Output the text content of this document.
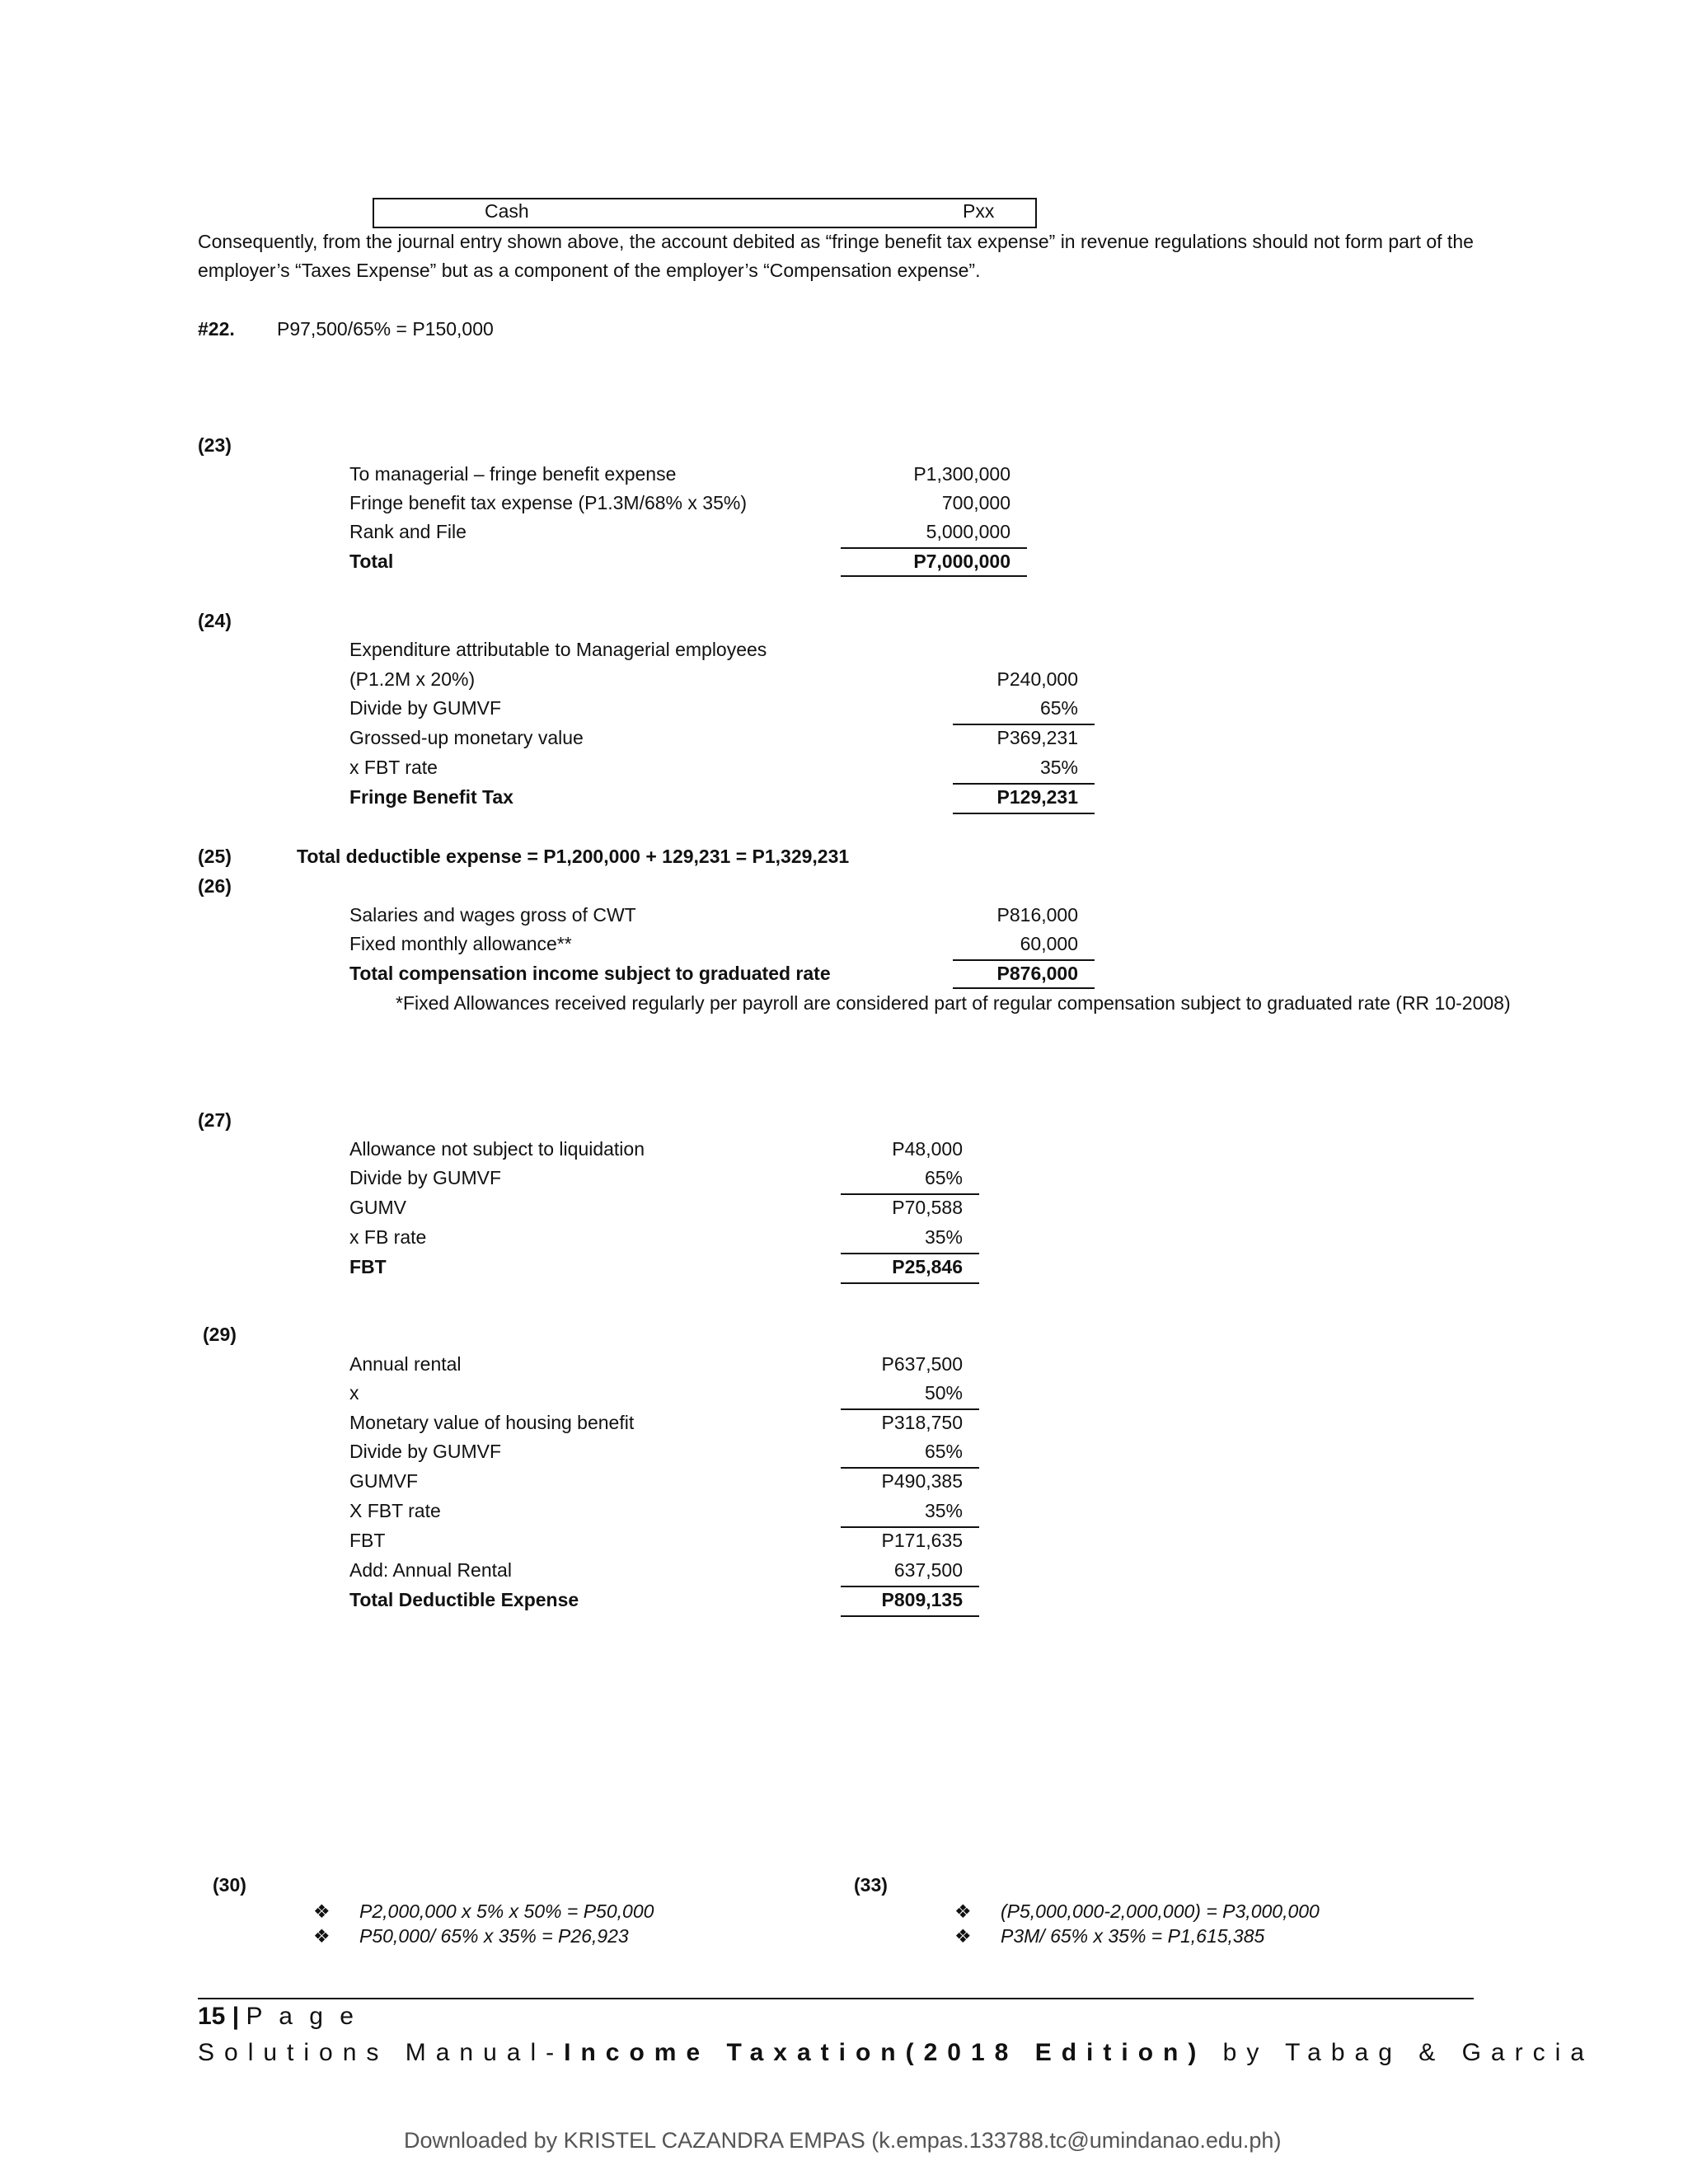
Cash	Pxx
Consequently, from the journal entry shown above, the account debited as “fringe benefit tax expense” in revenue regulations should not form part of the
employer’s “Taxes Expense” but as a component of the employer’s “Compensation expense”.
#22. P97,500/65% = P150,000
(23)
To managerial – fringe benefit expense	P1,300,000
Fringe benefit tax expense (P1.3M/68% x 35%)	700,000
Rank and File	5,000,000
Total	P7,000,000
(24)
Expenditure attributable to Managerial employees
(P1.2M x 20%)	P240,000
Divide by GUMVF	65%
Grossed-up monetary value	P369,231
x FBT rate	35%
Fringe Benefit Tax	P129,231
(25)	Total deductible expense = P1,200,000 + 129,231 = P1,329,231
(26)
Salaries and wages gross of CWT	P816,000
Fixed monthly allowance**	60,000
Total compensation income subject to graduated rate	P876,000
*Fixed Allowances received regularly per payroll are considered part of regular compensation subject to graduated rate (RR 10-2008)
(27)
Allowance not subject to liquidation	P48,000
Divide by GUMVF	65%
GUMV	P70,588
x FB rate	35%
FBT	P25,846
(29)
Annual rental	P637,500
x	50%
Monetary value of housing benefit	P318,750
Divide by GUMVF	65%
GUMVF	P490,385
X FBT rate	35%
FBT	P171,635
Add: Annual Rental	637,500
Total Deductible Expense	P809,135
(30)
❖ P2,000,000 x 5% x 50% = P50,000
❖ P50,000/ 65% x 35% = P26,923
(33)
❖ (P5,000,000-2,000,000) = P3,000,000
❖ P3M/ 65% x 35% = P1,615,385
15 | P a g e
Solutions Manual-Income Taxation(2018 Edition) by Tabag & Garcia
Downloaded by KRISTEL CAZANDRA EMPAS (k.empas.133788.tc@umindanao.edu.ph)
